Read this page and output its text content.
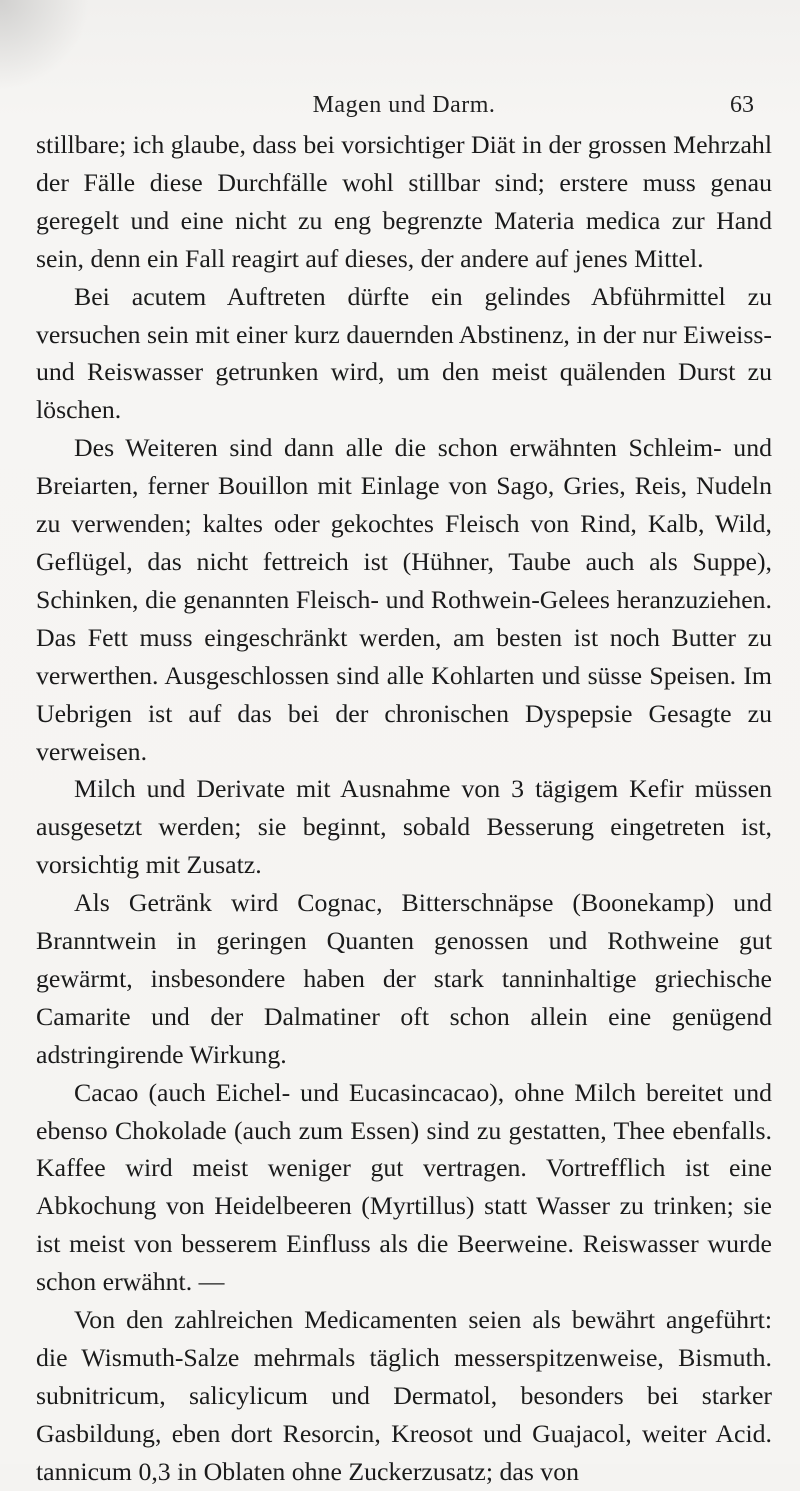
Magen und Darm.	63

stillbare; ich glaube, dass bei vorsichtiger Diät in der grossen Mehrzahl der Fälle diese Durchfälle wohl stillbar sind; erstere muss genau geregelt und eine nicht zu eng begrenzte Materia medica zur Hand sein, denn ein Fall reagirt auf dieses, der andere auf jenes Mittel.

Bei acutem Auftreten dürfte ein gelindes Abführmittel zu versuchen sein mit einer kurz dauernden Abstinenz, in der nur Eiweiss- und Reiswasser getrunken wird, um den meist quälenden Durst zu löschen.

Des Weiteren sind dann alle die schon erwähnten Schleim- und Breiarten, ferner Bouillon mit Einlage von Sago, Gries, Reis, Nudeln zu verwenden; kaltes oder gekochtes Fleisch von Rind, Kalb, Wild, Geflügel, das nicht fettreich ist (Hühner, Taube auch als Suppe), Schinken, die genannten Fleisch- und Rothwein-Gelees heranzuziehen. Das Fett muss eingeschränkt werden, am besten ist noch Butter zu verwerthen. Ausgeschlossen sind alle Kohlarten und süsse Speisen. Im Uebrigen ist auf das bei der chronischen Dyspepsie Gesagte zu verweisen.

Milch und Derivate mit Ausnahme von 3 tägigem Kefir müssen ausgesetzt werden; sie beginnt, sobald Besserung eingetreten ist, vorsichtig mit Zusatz.

Als Getränk wird Cognac, Bitterschnäpse (Boonekamp) und Branntwein in geringen Quanten genossen und Rothweine gut gewärmt, insbesondere haben der stark tanninhaltige griechische Camarite und der Dalmatiner oft schon allein eine genügend adstringirende Wirkung.

Cacao (auch Eichel- und Eucasincacao), ohne Milch bereitet und ebenso Chokolade (auch zum Essen) sind zu gestatten, Thee ebenfalls. Kaffee wird meist weniger gut vertragen. Vortrefflich ist eine Abkochung von Heidelbeeren (Myrtillus) statt Wasser zu trinken; sie ist meist von besserem Einfluss als die Beerweine. Reiswasser wurde schon erwähnt. —

Von den zahlreichen Medicamenten seien als bewährt angeführt: die Wismuth-Salze mehrmals täglich messerspitzenweise, Bismuth. subnitricum, salicylicum und Dermatol, besonders bei starker Gasbildung, eben dort Resorcin, Kreosot und Guajacol, weiter Acid. tannicum 0,3 in Oblaten ohne Zuckerzusatz; das von
